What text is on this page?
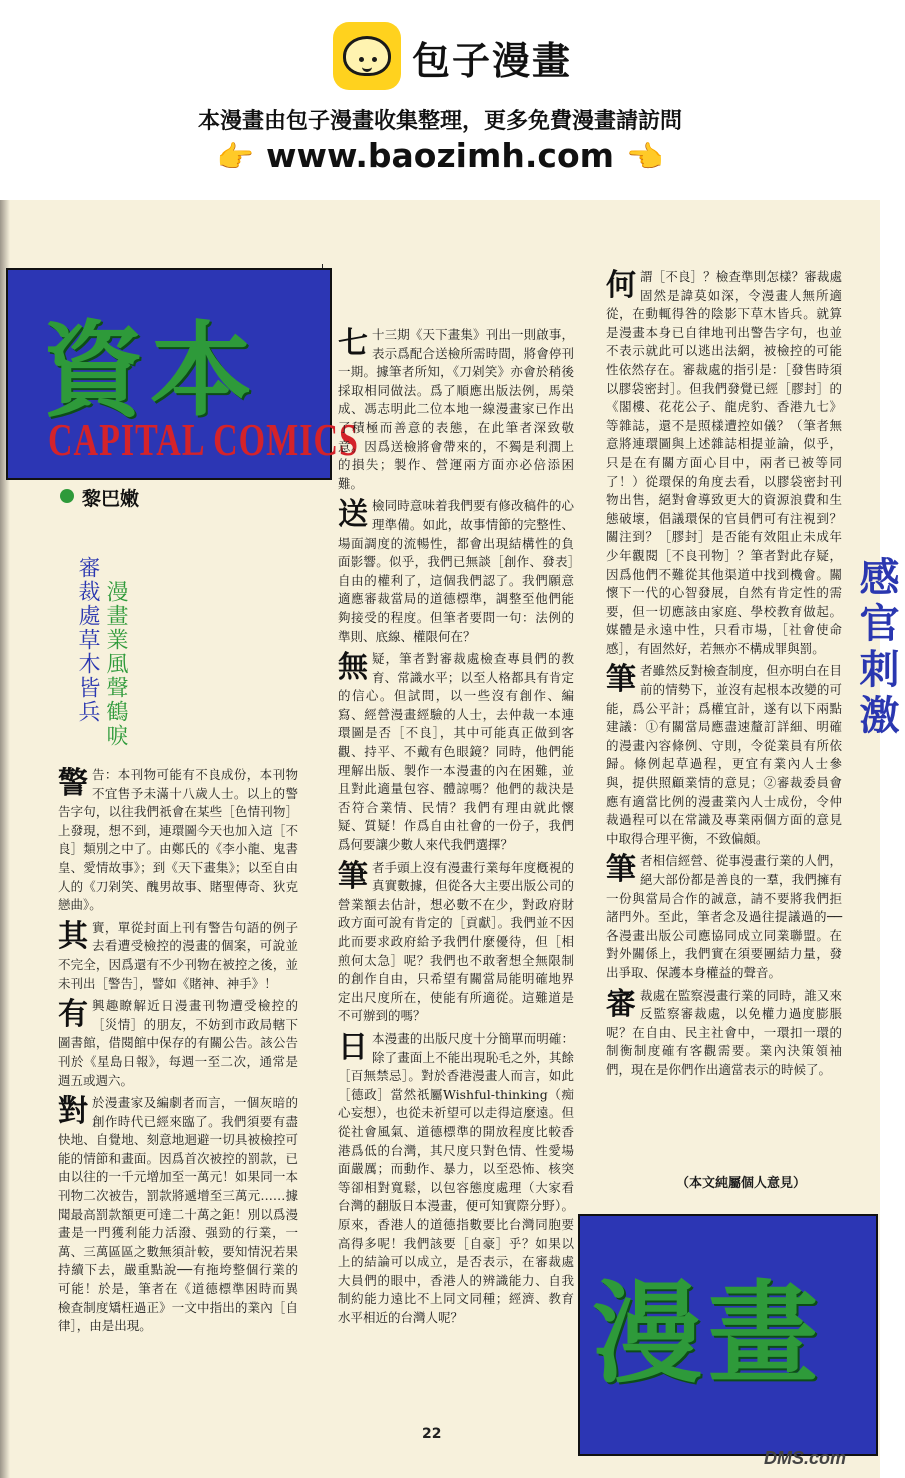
包子漫畫
本漫畫由包子漫畫收集整理，更多免費漫畫請訪問
👉 www.baozimh.com 👈
資本
CAPITAL COMICS
黎巴嫩
審裁處草木皆兵 漫畫業風聲鶴唳

警告：本刊物可能有不良成份，本刊物不宜售予未滿十八歲人士。以上的警告字句，以往我們祇會在某些［色情刊物］上發現，想不到，連環圖今天也加入這［不良］類別之中了。由鄭氏的《李小龍、鬼書皇、愛情故事》；到《天下畫集》；以至自由人的《刀剁笑、醜男故事、賭聖傳奇、狄克戀曲》。

其實，單從封面上刊有警告句語的例子去看遭受檢控的漫畫的個案，可說並不完全，因爲還有不少刊物在被控之後，並未刊出［警告］，譬如《賭神、神手》！

有興趣瞭解近日漫畫刊物遭受檢控的［災情］的朋友，不妨到市政局轄下圖書館，借閱館中保存的有關公告。該公告刊於《星島日報》，每週一至二次，通常是週五或週六。

對於漫畫家及編劇者而言，一個灰暗的創作時代已經來臨了。我們須要有盡快地、自覺地、刻意地迴避一切具被檢控可能的情節和畫面。因爲首次被控的罰款，已由以往的一千元增加至一萬元！如果同一本刊物二次被告，罰款將遞增至三萬元……據聞最高罰款額更可達二十萬之鉅！別以爲漫畫是一門獲利能力活潑、强勁的行業，一萬、三萬區區之數無須計較，要知情況若果持續下去，嚴重點說──有拖垮整個行業的可能！於是，筆者在《道德標準困時而異　檢查制度矯枉過正》一文中指出的業內［自律］，由是出現。

七十三期《天下畫集》刊出一則啟事，表示爲配合送檢所需時間，將會停刊一期。據筆者所知，《刀剁笑》亦會於稍後採取相同做法。爲了順應出版法例，馬榮成、馮志明此二位本地一線漫畫家已作出了積極而善意的表態，在此筆者深致敬意。因爲送檢將會帶來的，不獨是利潤上的損失；製作、營運兩方面亦必倍添困難。

送檢同時意味着我們要有修改稿件的心理準備。如此，故事情節的完整性、場面調度的流暢性，都會出現結構性的負面影響。似乎，我們已無談［創作、發表］自由的權利了，這個我們認了。我們願意適應審裁當局的道德標準，調整至他們能夠接受的程度。但筆者要問一句：法例的準則、底線、權限何在？

無疑，筆者對審裁處檢查專員們的教育、常識水平；以至人格都具有肯定的信心。但試問，以一些沒有創作、編寫、經營漫畫經驗的人士，去仲裁一本連環圖是否［不良］，其中可能真正做到客觀、持平、不戴有色眼鏡？同時，他們能理解出版、製作一本漫畫的內在困難，並且對此適量包容、體諒嗎？他們的裁決是否符合業情、民情？我們有理由就此懷疑、質疑！作爲自由社會的一份子，我們爲何要讓少數人來代我們選擇？

筆者手頭上沒有漫畫行業每年度槪視的真實數據，但從各大主要出版公司的營業額去估計，想必數不在少，對政府財政方面可說有肯定的［貢獻］。我們並不因此而要求政府給予我們什麼優待，但［相煎何太急］呢？我們也不敢奢想全無限制的創作自由，只希望有關當局能明確地界定出尺度所在，使能有所適從。這難道是不可辦到的嗎？

日本漫畫的出版尺度十分簡單而明確：除了畫面上不能出現恥毛之外，其餘［百無禁忌］。對於香港漫畫人而言，如此［德政］當然祇屬Wishful-thinking（痴心妄想），也從未祈望可以走得這麼遠。但從社會風氣、道德標準的開放程度比較香港爲低的台灣，其尺度只對色情、性愛場面嚴厲；而動作、暴力，以至恐怖、核突等卻相對寬鬆，以包容態度處理（大家看台灣的翻版日本漫畫，便可知實際分野）。原來，香港人的道德指數要比台灣同胞要高得多呢！我們該要［自豪］乎？如果以上的結論可以成立，是否表示，在審裁處大員們的眼中，香港人的辨識能力、自我制約能力遠比不上同文同種；經濟、教育水平相近的台灣人呢？

何謂［不良］？檢查準則怎樣？審裁處固然是諱莫如深，令漫畫人無所適從，在動輒得咎的陰影下草木皆兵。就算是漫畫本身已自律地刊出警告字句，也並不表示就此可以逃出法網，被檢控的可能性依然存在。審裁處的指引是：［發售時須以膠袋密封］。但我們發覺已經［膠封］的《閣樓、花花公子、龍虎豹、香港九七》等雜誌，還不是照樣遭控如儀？（筆者無意將連環圖與上述雜誌相提並論，似乎，只是在有關方面心目中，兩者已被等同了！）從環保的角度去看，以膠袋密封刊物出售，絕對會導致更大的資源浪費和生態破壞，倡議環保的官員們可有注視到？關注到？［膠封］是否能有效阻止未成年少年觀閱［不良刊物］？筆者對此存疑，因爲他們不難從其他渠道中找到機會。關懷下一代的心智發展，自然有肯定性的需要，但一切應該由家庭、學校教育做起。媒體是永遠中性，只看市場，［社會使命感］，有固然好，若無亦不構成罪與罰。

筆者雖然反對檢查制度，但亦明白在目前的情勢下，並沒有起根本改變的可能，爲公平計；爲權宜計，遂有以下兩點建議：①有關當局應盡速釐訂詳細、明確的漫畫內容條例、守則，令從業員有所依歸。條例起草過程，更宜有業內人士參與，提供照顧業情的意見；②審裁委員會應有適當比例的漫畫業內人士成份，令仲裁過程可以在常識及專業兩個方面的意見中取得合理平衡，不致偏頗。

筆者相信經營、從事漫畫行業的人們，絕大部份都是善良的一羣，我們擁有一份與當局合作的誠意，請不要將我們拒諸門外。至此，筆者念及過往提議過的──各漫畫出版公司應協同成立同業聯盟。在對外關係上，我們實在須要團結力量，發出爭取、保護本身權益的聲音。

審裁處在監察漫畫行業的同時，誰又來反監察審裁處，以免權力過度膨脹呢？在自由、民主社會中，一環扣一環的制衡制度確有客觀需要。業內決策領袖們，現在是你們作出適當表示的時候了。

感官刺激
（本文純屬個人意見）
漫畫
22
DMS.com
